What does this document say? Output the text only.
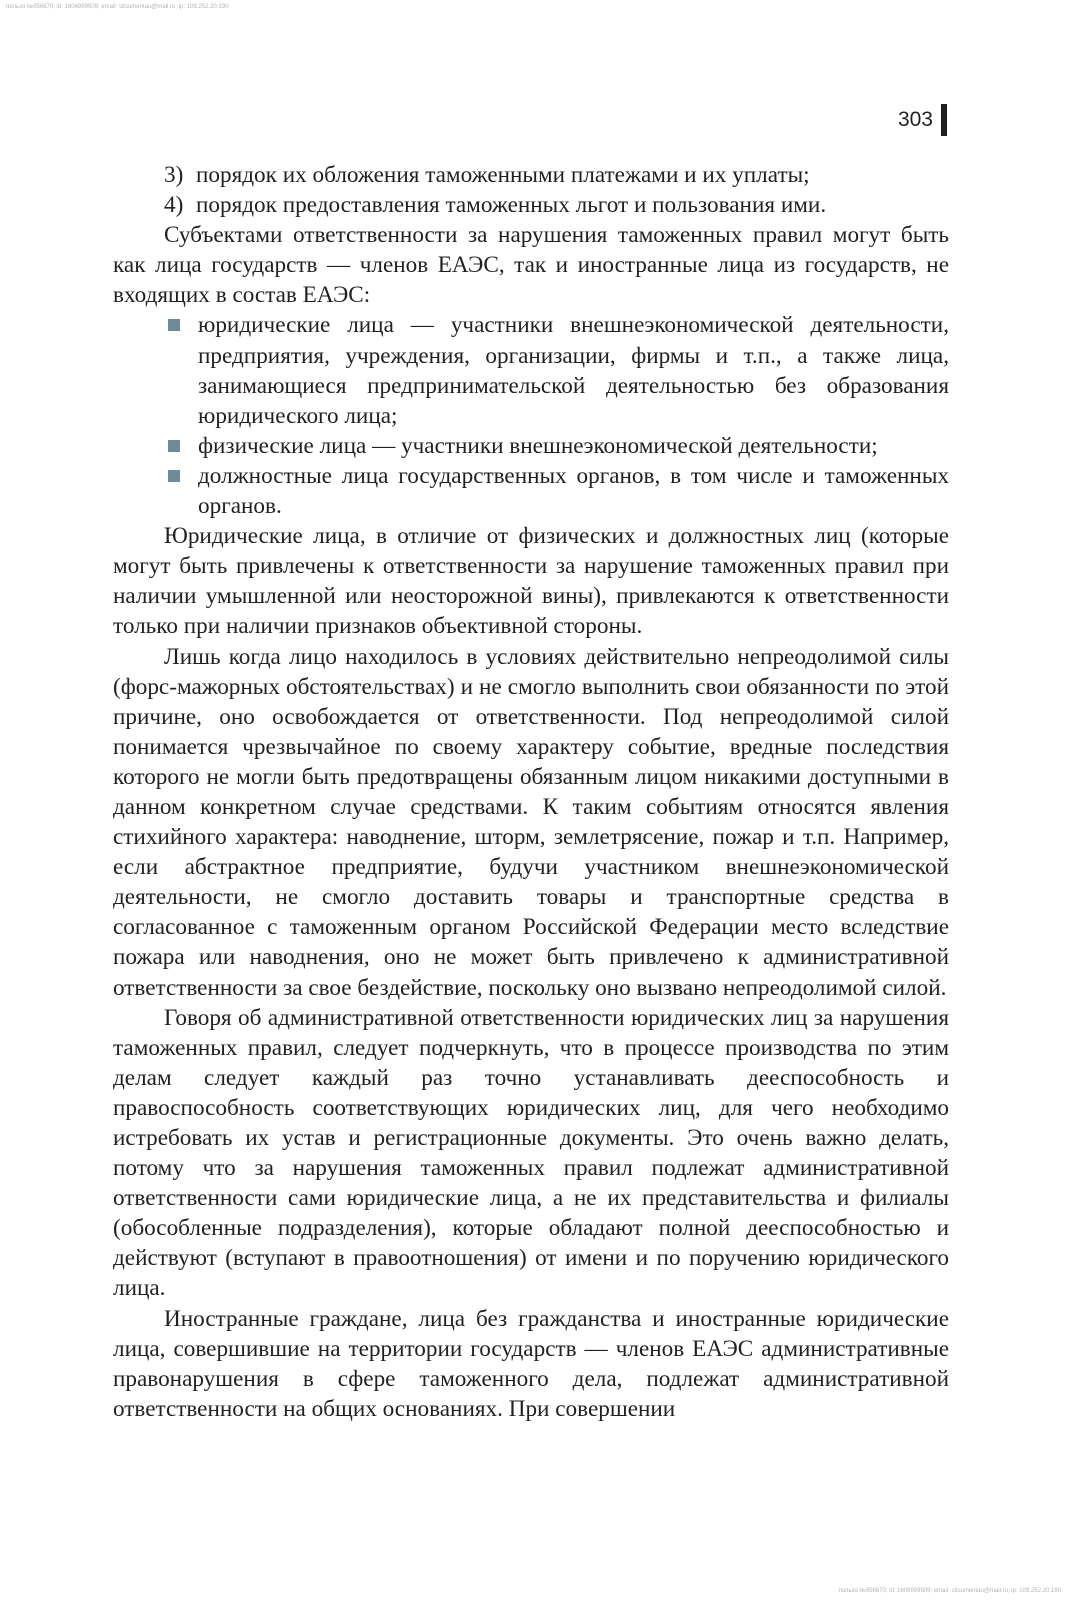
пользо №956670; id: 1606999509; email: sitsumentau@mail.ru; ip: 109.252.20.190
303

3) порядок их обложения таможенными платежами и их уплаты;

4) порядок предоставления таможенных льгот и пользования ими.

Субъектами ответственности за нарушения таможенных правил могут быть как лица государств — членов ЕАЭС, так и иностранные лица из государств, не входящих в состав ЕАЭС:

юридические лица — участники внешнеэкономической деятельности, предприятия, учреждения, организации, фирмы и т.п., а также лица, занимающиеся предпринимательской деятельностью без образования юридического лица;
физические лица — участники внешнеэкономической деятельности;
должностные лица государственных органов, в том числе и таможенных органов.

Юридические лица, в отличие от физических и должностных лиц (которые могут быть привлечены к ответственности за нарушение таможенных правил при наличии умышленной или неосторожной вины), привлекаются к ответственности только при наличии признаков объективной стороны.

Лишь когда лицо находилось в условиях действительно непреодолимой силы (форс-мажорных обстоятельствах) и не смогло выполнить свои обязанности по этой причине, оно освобождается от ответственности. Под непреодолимой силой понимается чрезвычайное по своему характеру событие, вредные последствия которого не могли быть предотвращены обязанным лицом никакими доступными в данном конкретном случае средствами. К таким событиям относятся явления стихийного характера: наводнение, шторм, землетрясение, пожар и т.п. Например, если абстрактное предприятие, будучи участником внешнеэкономической деятельности, не смогло доставить товары и транспортные средства в согласованное с таможенным органом Российской Федерации место вследствие пожара или наводнения, оно не может быть привлечено к административной ответственности за свое бездействие, поскольку оно вызвано непреодолимой силой.

Говоря об административной ответственности юридических лиц за нарушения таможенных правил, следует подчеркнуть, что в процессе производства по этим делам следует каждый раз точно устанавливать дееспособность и правоспособность соответствующих юридических лиц, для чего необходимо истребовать их устав и регистрационные документы. Это очень важно делать, потому что за нарушения таможенных правил подлежат административной ответственности сами юридические лица, а не их представительства и филиалы (обособленные подразделения), которые обладают полной дееспособностью и действуют (вступают в правоотношения) от имени и по поручению юридического лица.

Иностранные граждане, лица без гражданства и иностранные юридические лица, совершившие на территории государств — членов ЕАЭС административные правонарушения в сфере таможенного дела, подлежат административной ответственности на общих основаниях. При совершении

пользо №956670; id: 1606999509; email: sitsumentau@mail.ru; ip: 109.252.20.190
